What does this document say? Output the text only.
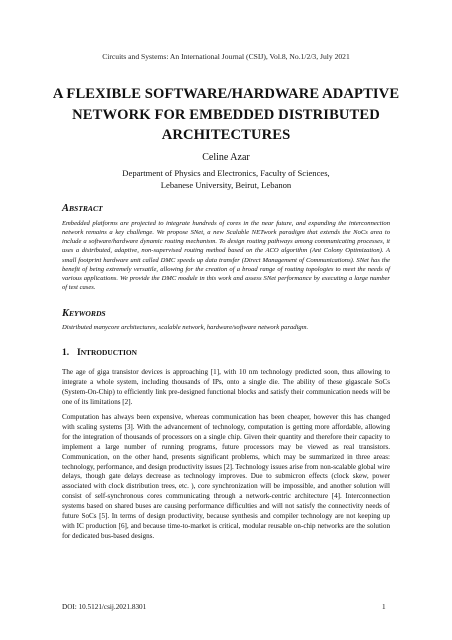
Circuits and Systems: An International Journal (CSIJ), Vol.8, No.1/2/3, July 2021
A FLEXIBLE SOFTWARE/HARDWARE ADAPTIVE
NETWORK FOR EMBEDDED DISTRIBUTED
ARCHITECTURES
Celine Azar
Department of Physics and Electronics, Faculty of Sciences,
Lebanese University, Beirut, Lebanon
ABSTRACT
Embedded platforms are projected to integrate hundreds of cores in the near future, and expanding the interconnection network remains a key challenge. We propose SNet, a new Scalable NETwork paradigm that extends the NoCs area to include a software/hardware dynamic routing mechanism. To design routing pathways among communicating processes, it uses a distributed, adaptive, non-supervised routing method based on the ACO algorithm (Ant Colony Optimization). A small footprint hardware unit called DMC speeds up data transfer (Direct Management of Communications). SNet has the benefit of being extremely versatile, allowing for the creation of a broad range of routing topologies to meet the needs of various applications. We provide the DMC module in this work and assess SNet performance by executing a large number of test cases.
KEYWORDS
Distributed manycore architectures, scalable network, hardware/software network paradigm.
1. INTRODUCTION
The age of giga transistor devices is approaching [1], with 10 nm technology predicted soon, thus allowing to integrate a whole system, including thousands of IPs, onto a single die. The ability of these gigascale SoCs (System-On-Chip) to efficiently link pre-designed functional blocks and satisfy their communication needs will be one of its limitations [2].
Computation has always been expensive, whereas communication has been cheaper, however this has changed with scaling systems [3]. With the advancement of technology, computation is getting more affordable, allowing for the integration of thousands of processors on a single chip. Given their quantity and therefore their capacity to implement a large number of running programs, future processors may be viewed as real transistors. Communication, on the other hand, presents significant problems, which may be summarized in three areas: technology, performance, and design productivity issues [2]. Technology issues arise from non-scalable global wire delays, though gate delays decrease as technology improves. Due to submicron effects (clock skew, power associated with clock distribution trees, etc. ), core synchronization will be impossible, and another solution will consist of self-synchronous cores communicating through a network-centric architecture [4]. Interconnection systems based on shared buses are causing performance difficulties and will not satisfy the connectivity needs of future SoCs [5]. In terms of design productivity, because synthesis and compiler technology are not keeping up with IC production [6], and because time-to-market is critical, modular reusable on-chip networks are the solution for dedicated bus-based designs.
DOI: 10.5121/csij.2021.8301	1
